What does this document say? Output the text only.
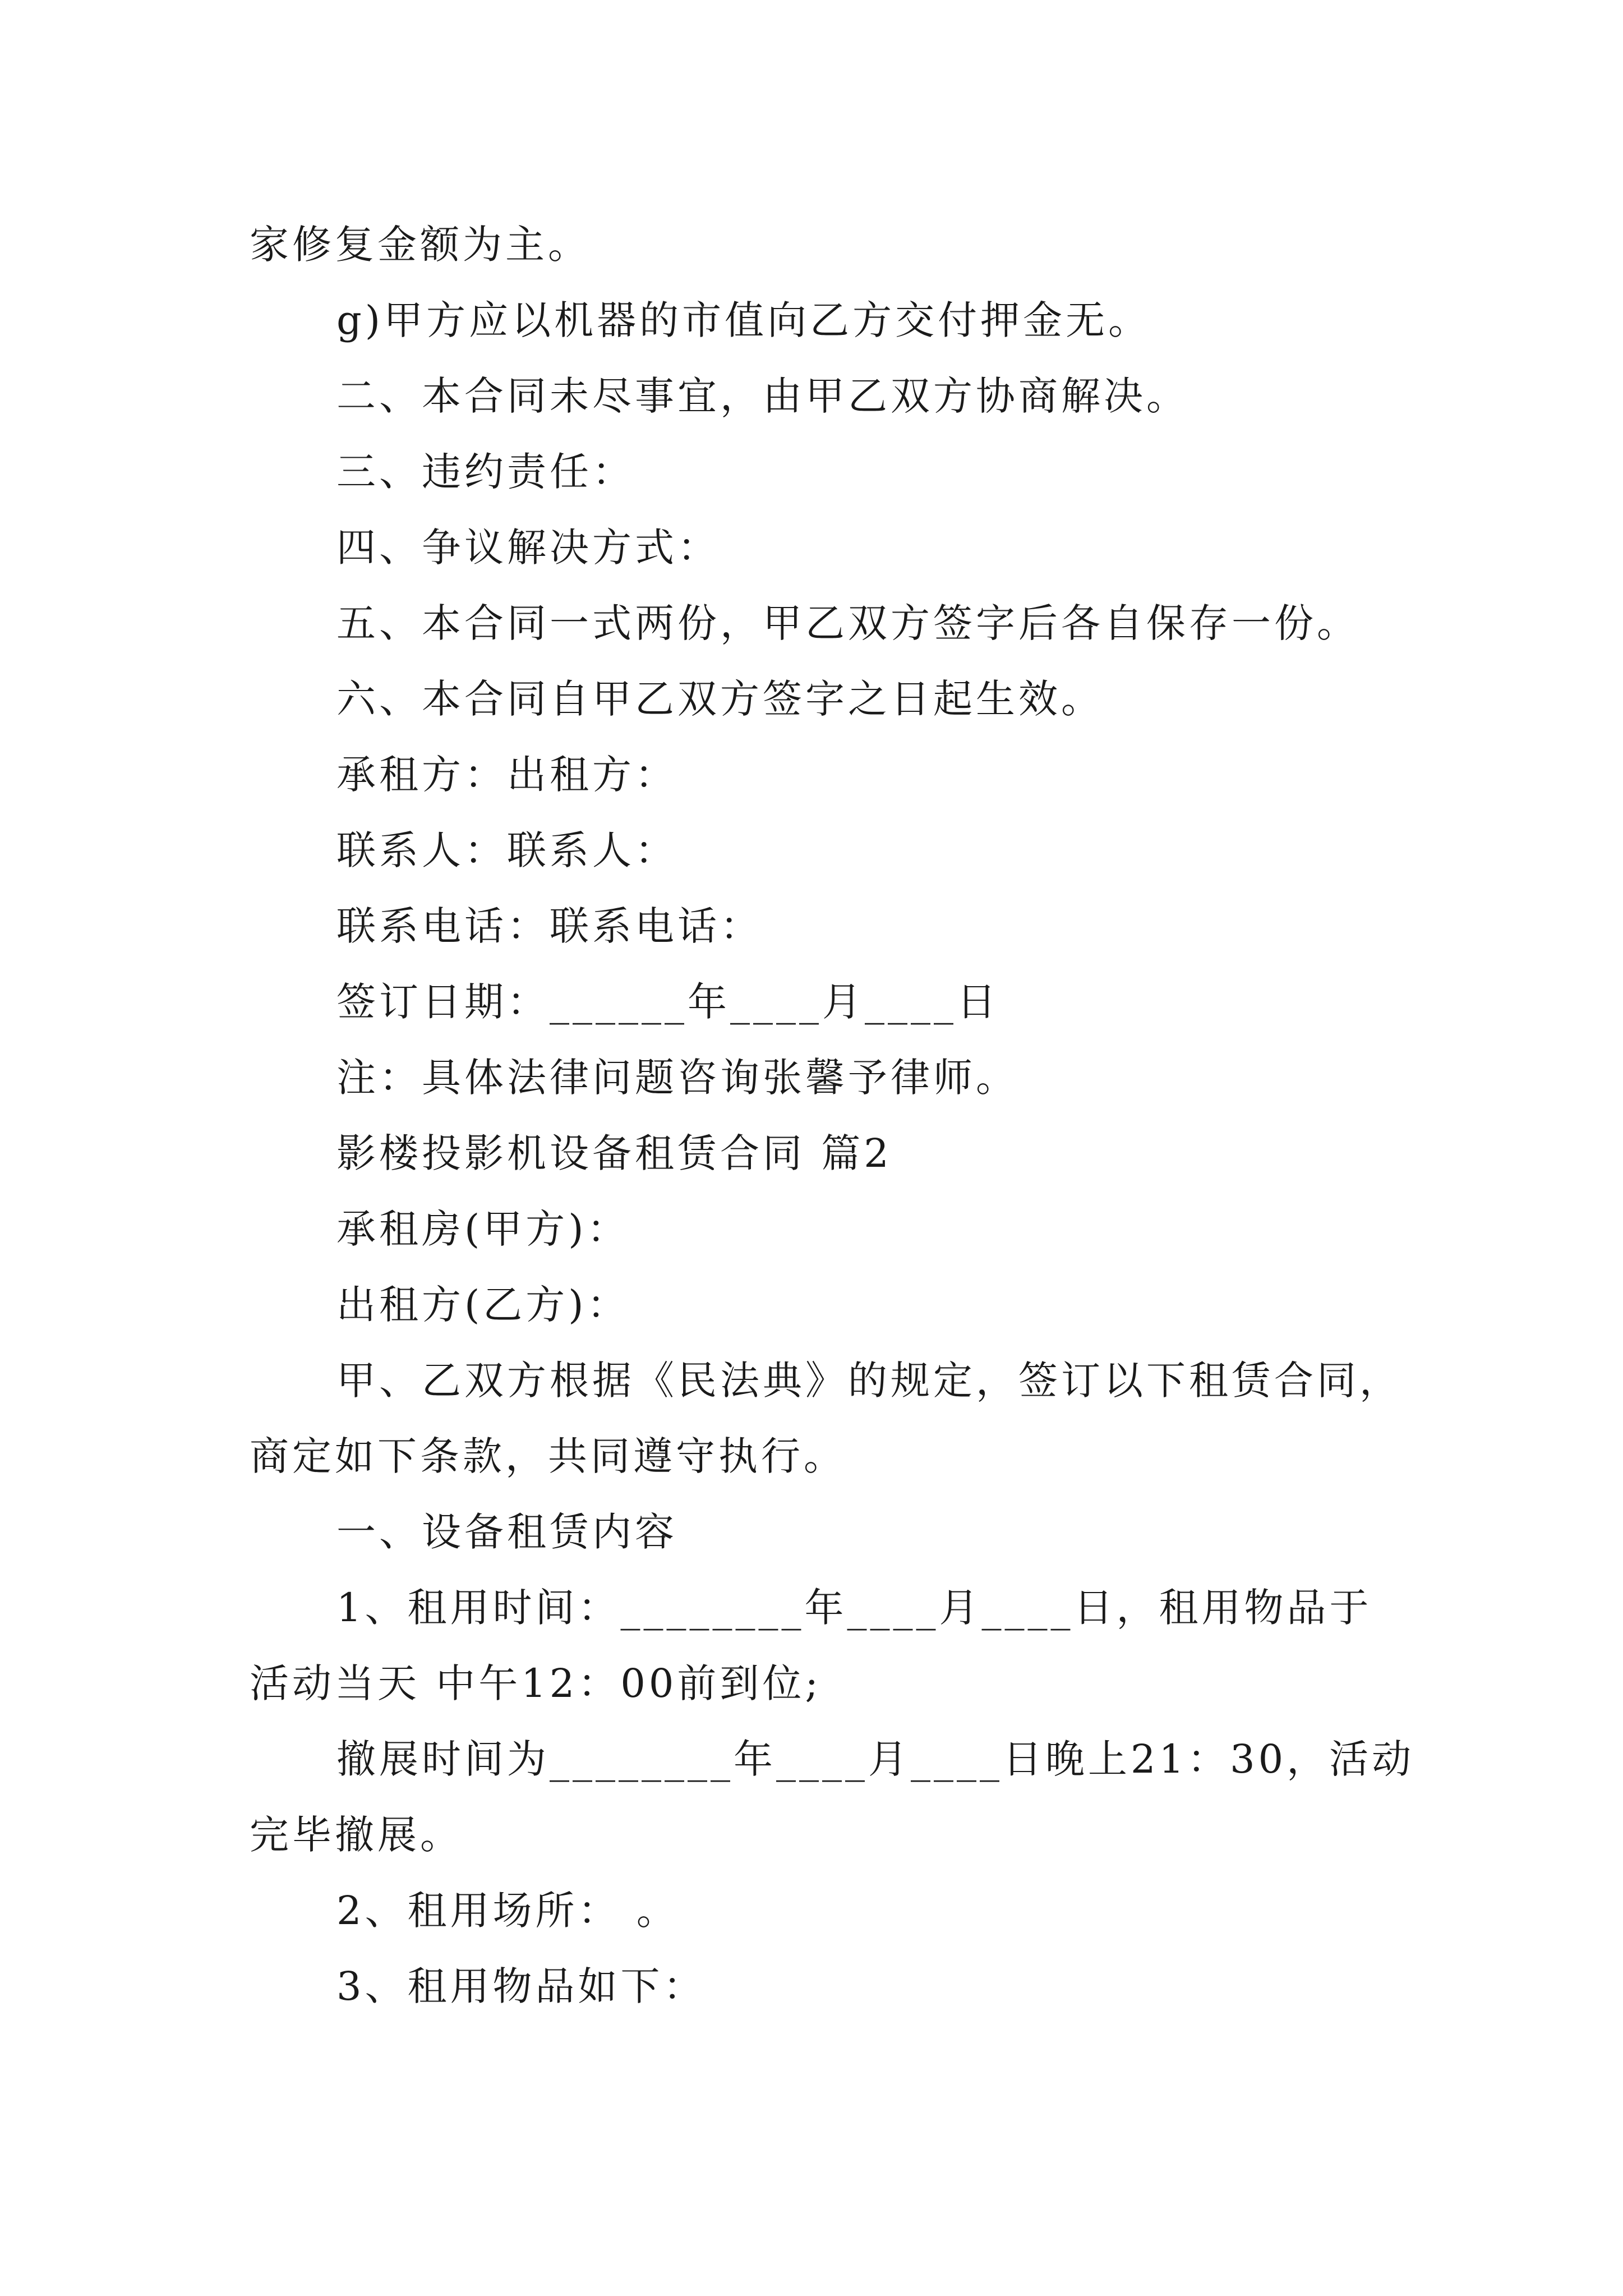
家修复金额为主。

g)甲方应以机器的市值向乙方交付押金无。

二、本合同未尽事宜，由甲乙双方协商解决。

三、违约责任：

四、争议解决方式：

五、本合同一式两份，甲乙双方签字后各自保存一份。

六、本合同自甲乙双方签字之日起生效。

承租方：出租方：

联系人：联系人：

联系电话：联系电话：

签订日期：______年____月____日

注：具体法律问题咨询张馨予律师。

影楼投影机设备租赁合同 篇2

承租房(甲方)：

出租方(乙方)：

甲、乙双方根据《民法典》的规定，签订以下租赁合同，

商定如下条款，共同遵守执行。

一、设备租赁内容

1、租用时间：________年____月____日，租用物品于

活动当天 中午12：00前到位;

撤展时间为________年____月____日晚上21：30，活动

完毕撤展。

2、租用场所： 。

3、租用物品如下：
